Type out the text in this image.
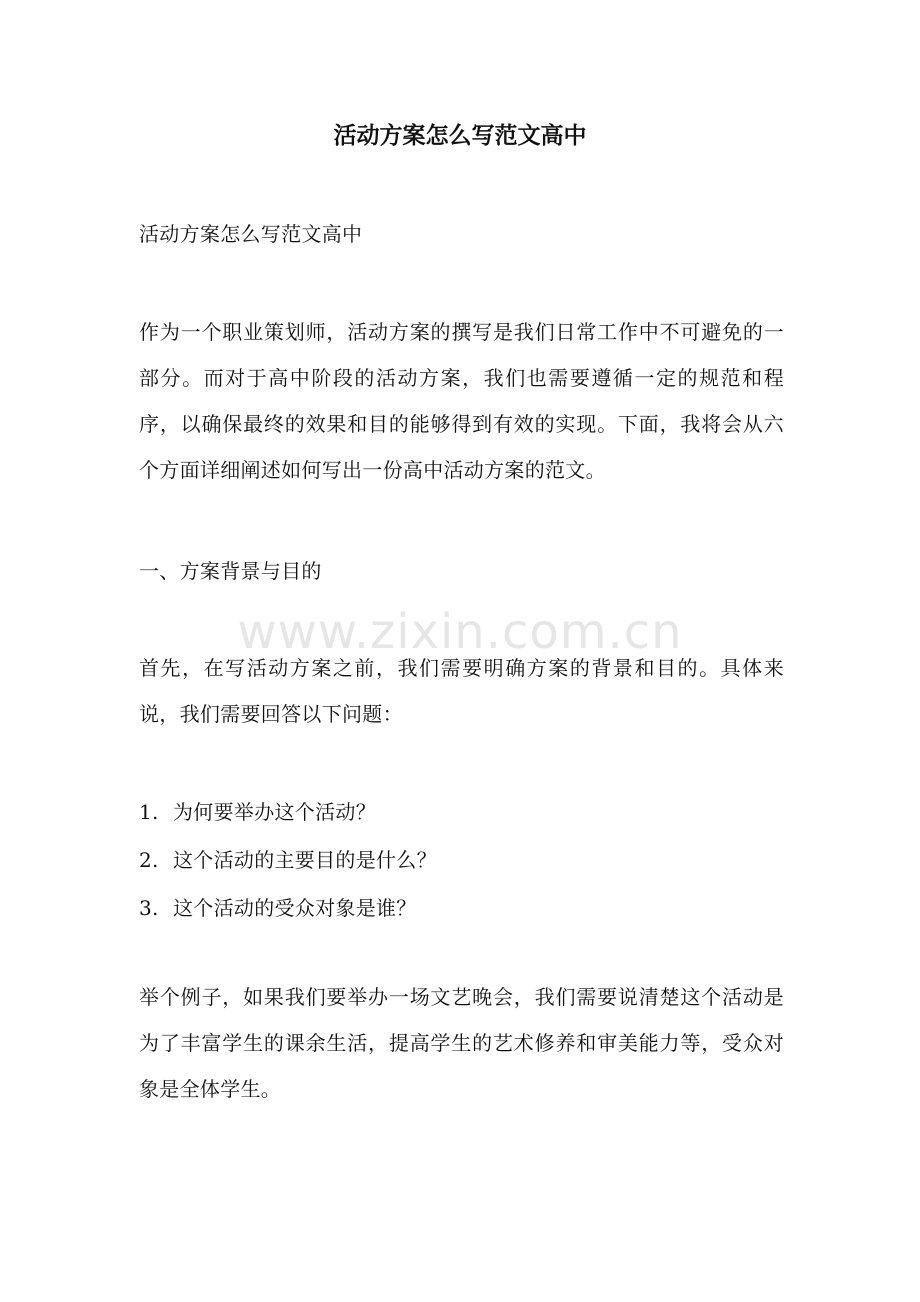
活动方案怎么写范文高中
活动方案怎么写范文高中
作为一个职业策划师，活动方案的撰写是我们日常工作中不可避免的一部分。而对于高中阶段的活动方案，我们也需要遵循一定的规范和程序，以确保最终的效果和目的能够得到有效的实现。下面，我将会从六个方面详细阐述如何写出一份高中活动方案的范文。
一、方案背景与目的
www.zixin.com.cn
首先，在写活动方案之前，我们需要明确方案的背景和目的。具体来说，我们需要回答以下问题：
1. 为何要举办这个活动？
2. 这个活动的主要目的是什么？
3. 这个活动的受众对象是谁？
举个例子，如果我们要举办一场文艺晚会，我们需要说清楚这个活动是为了丰富学生的课余生活，提高学生的艺术修养和审美能力等，受众对象是全体学生。
